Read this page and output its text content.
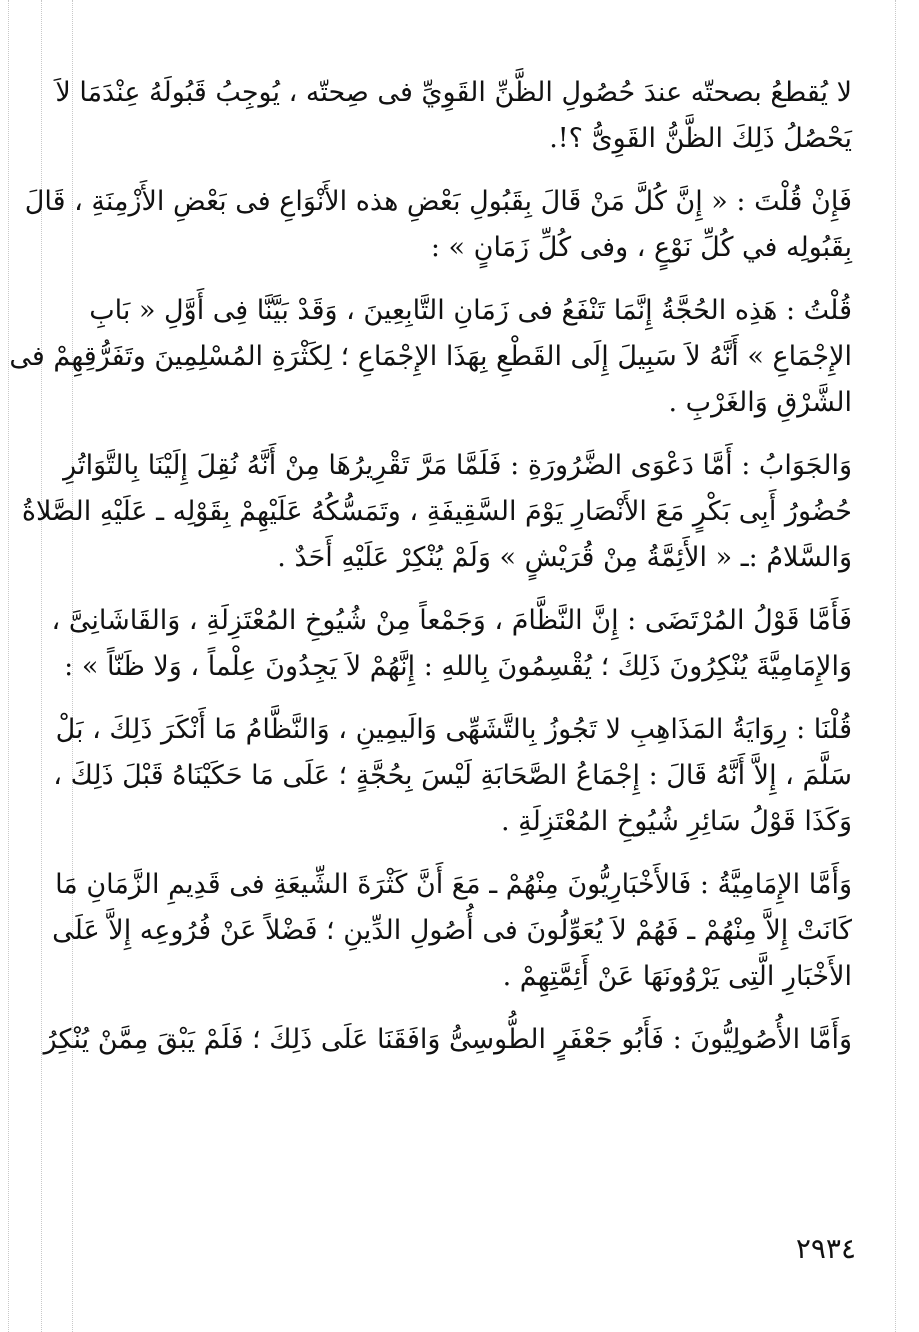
لا يُقطعُ بصحتّه عندَ حُصُولِ الظَّنِّ القَوِيِّ فى صِحتّه ، يُوجِبُ قَبُولَهُ عِنْدَمَا لاَ
يَحْصُلُ ذَلِكَ الظَّنُّ القَوِىُّ ؟!.
فَإِنْ قُلْتَ : « إِنَّ كُلَّ مَنْ قَالَ بِقَبُولِ بَعْضِ هذه الأَنْوَاعِ فى بَعْضِ الأَزْمِنَةِ ، قَالَ
بِقَبُولِه في كُلِّ نَوْعٍ ، وفى كُلِّ زَمَانٍ » :
قُلْتُ : هَذِه الحُجَّةُ إِنَّمَا تَنْفَعُ فى زَمَانِ التَّابِعِينَ ، وَقَدْ بَيَّنَّا فِى أَوَّلِ « بَابِ
الإِجْمَاعِ » أَنَّهُ لاَ سَبِيلَ إِلَى القَطْعِ بِهَذَا الإِجْمَاعِ ؛ لِكَثْرَةِ المُسْلِمِينَ وتَفَرُّقِهِمْ فى
الشَّرْقِ وَالغَرْبِ .
وَالجَوَابُ : أَمَّا دَعْوَى الضَّرُورَةِ : فَلَمَّا مَرَّ تَقْرِيرُهَا مِنْ أَنَّهُ نُقِلَ إِلَيْنَا بِالتَّوَاتُرِ
حُضُورُ أَبِى بَكْرٍ مَعَ الأَنْصَارِ يَوْمَ السَّقِيفَةِ ، وتَمَسُّكُهُ عَلَيْهِمْ بِقَوْلِه ـ عَلَيْهِ الصَّلاةُ
وَالسَّلامُ :ـ « الأَئِمَّةُ مِنْ قُرَيْشٍ » وَلَمْ يُنْكِرْ عَلَيْهِ أَحَدٌ .
فَأَمَّا قَوْلُ المُرْتَضَى : إِنَّ النَّظَّامَ ، وَجَمْعاً مِنْ شُيُوخِ المُعْتَزِلَةِ ، وَالقَاشَانِىَّ ،
وَالإِمَامِيَّةَ يُنْكِرُونَ ذَلِكَ ؛ يُقْسِمُونَ بِاللهِ : إِنَّهُمْ لاَ يَجِدُونَ عِلْماً ، وَلا ظَنّاً » :
قُلْنَا : رِوَايَةُ المَذَاهِبِ لا تَجُوزُ بِالتَّشَهِّى وَالَيمِينِ ، وَالنَّظَّامُ مَا أَنْكَرَ ذَلِكَ ، بَلْ
سَلَّمَ ، إِلاَّ أَنَّهُ قَالَ : إِجْمَاعُ الصَّحَابَةِ لَيْسَ بِحُجَّةٍ ؛ عَلَى مَا حَكَيْنَاهُ قَبْلَ ذَلِكَ ،
وَكَذَا قَوْلُ سَائِرِ شُيُوخِ المُعْتَزِلَةِ .
وَأَمَّا الإِمَامِيَّةُ : فَالأَخْبَارِيُّونَ مِنْهُمْ ـ مَعَ أَنَّ كَثْرَةَ الشِّيعَةِ فى قَدِيمِ الزَّمَانِ مَا
كَانَتْ إِلاَّ مِنْهُمْ ـ فَهُمْ لاَ يُعَوِّلُونَ فى أُصُولِ الدِّينِ ؛ فَضْلاً عَنْ فُرُوعِه إِلاَّ عَلَى
الأَخْبَارِ الَّتِى يَرْوُونَهَا عَنْ أَئِمَّتِهِمْ .
وَأَمَّا الأُصُولِيُّونَ : فَأَبُو جَعْفَرٍ الطُّوسِىُّ وَافَقَنَا عَلَى ذَلِكَ ؛ فَلَمْ يَبْقَ مِمَّنْ يُنْكِرُ
٢٩٣٤
